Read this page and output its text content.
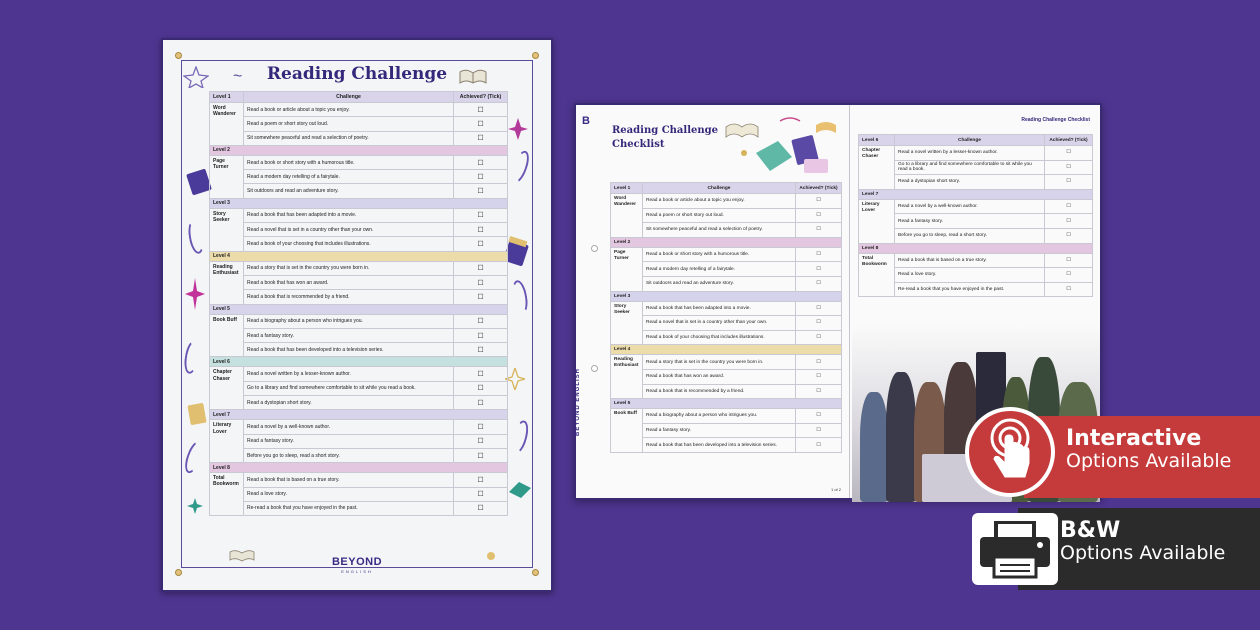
~	Reading Challenge
Level 1	Challenge	Achieved? (Tick)
Word Wanderer	Read a book or article about a topic you enjoy.	☐
	Read a poem or short story out loud.	☐
	Sit somewhere peaceful and read a selection of poetry.	☐
Level 2		
Page Turner	Read a book or short story with a humorous title.	☐
	Read a modern day retelling of a fairytale.	☐
	Sit outdoors and read an adventure story.	☐
Level 3		
Story Seeker	Read a book that has been adapted into a movie.	☐
	Read a novel that is set in a country other than your own.	☐
	Read a book of your choosing that includes illustrations.	☐
Level 4		
Reading Enthusiast	Read a story that is set in the country you were born in.	☐
	Read a book that has won an award.	☐
	Read a book that is recommended by a friend.	☐
Level 5		
Book Buff	Read a biography about a person who intrigues you.	☐
	Read a fantasy story.	☐
	Read a book that has been developed into a television series.	☐
Level 6		
Chapter Chaser	Read a novel written by a lesser-known author.	☐
	Go to a library and find somewhere comfortable to sit while you read a book.	☐
	Read a dystopian short story.	☐
Level 7		
Literary Lover	Read a novel by a well-known author.	☐
	Read a fantasy story.	☐
	Before you go to sleep, read a short story.	☐
Level 8		
Total Bookworm	Read a book that is based on a true story.	☐
	Read a love story.	☐
	Re-read a book that you have enjoyed in the past.	☐
BEYOND
ENGLISH
B
BEYOND ENGLISH
Reading Challenge
Checklist
Level 1	Challenge	Achieved? (Tick)
Word Wanderer	Read a book or article about a topic you enjoy.	☐
	Read a poem or short story out loud.	☐
	Sit somewhere peaceful and read a selection of poetry.	☐
Level 2		
Page Turner	Read a book or short story with a humorous title.	☐
	Read a modern day retelling of a fairytale.	☐
	Sit outdoors and read an adventure story.	☐
Level 3		
Story Seeker	Read a book that has been adapted into a movie.	☐
	Read a novel that is set in a country other than your own.	☐
	Read a book of your choosing that includes illustrations.	☐
Level 4		
Reading Enthusiast	Read a story that is set in the country you were born in.	☐
	Read a book that has won an award.	☐
	Read a book that is recommended by a friend.	☐
Level 5		
Book Buff	Read a biography about a person who intrigues you.	☐
	Read a fantasy story.	☐
	Read a book that has been developed into a television series.	☐
1 of 2
Reading Challenge Checklist
Level 6	Challenge	Achieved? (Tick)
Chapter Chaser	Read a novel written by a lesser-known author.	☐
	Go to a library and find somewhere comfortable to sit while you read a book.	☐
	Read a dystopian short story.	☐
Level 7		
Literary Lover	Read a novel by a well-known author.	☐
	Read a fantasy story.	☐
	Before you go to sleep, read a short story.	☐
Level 8		
Total Bookworm	Read a book that is based on a true story.	☐
	Read a love story.	☐
	Re-read a book that you have enjoyed in the past.	☐
Interactive
Options Available
B&W
Options Available
